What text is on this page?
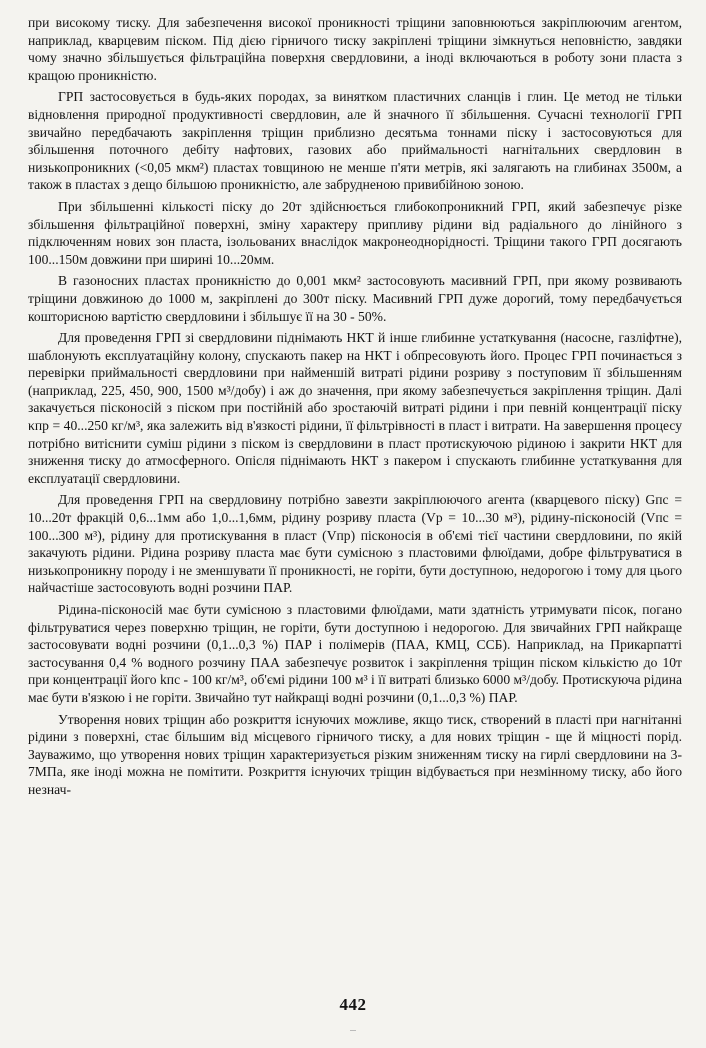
при високому тиску. Для забезпечення високої проникності тріщини заповнюються закріплюючим агентом, наприклад, кварцевим піском. Під дією гірничого тиску закріплені тріщини зімкнуться неповністю, завдяки чому значно збільшується фільтраційна поверхня свердловини, а іноді включаються в роботу зони пласта з кращою проникністю.

ГРП застосовується в будь-яких породах, за винятком пластичних сланців і глин. Це метод не тільки відновлення природної продуктивності свердловин, але й значного її збільшення. Сучасні технології ГРП звичайно передбачають закріплення тріщин приблизно десятьма тоннами піску і застосовуються для збільшення поточного дебіту нафтових, газових або приймальності нагнітальних свердловин в низькопроникних (<0,05 мкм²) пластах товщиною не менше п'яти метрів, які залягають на глибинах 3500м, а також в пластах з дещо більшою проникністю, але забрудненою привибійною зоною.

При збільшенні кількості піску до 20т здійснюється глибокопроникний ГРП, який забезпечує різке збільшення фільтраційної поверхні, зміну характеру припливу рідини від радіального до лінійного з підключенням нових зон пласта, ізольованих внаслідок макронеоднорідності. Тріщини такого ГРП досягають 100...150м довжини при ширині 10...20мм.

В газоносних пластах проникністю до 0,001 мкм² застосовують масивний ГРП, при якому розвивають тріщини довжиною до 1000 м, закріплені до 300т піску. Масивний ГРП дуже дорогий, тому передбачується кошторисною вартістю свердловини і збільшує її на 30 - 50%.

Для проведення ГРП зі свердловини піднімають НКТ й інше глибинне устаткування (насосне, газліфтне), шаблонують експлуатаційну колону, спускають пакер на НКТ і обпресовують його. Процес ГРП починається з перевірки приймальності свердловини при найменшій витраті рідини розриву з поступовим її збільшенням (наприклад, 225, 450, 900, 1500 м³/добу) і аж до значення, при якому забезпечується закріплення тріщин. Далі закачується пісконосій з піском при постійній або зростаючій витраті рідини і при певній концентрації піску κпр = 40...250 кг/м³, яка залежить від в'язкості рідини, її фільтрівності в пласт і витрати. На завершення процесу потрібно витіснити суміш рідини з піском із свердловини в пласт протискуючою рідиною і закрити НКТ для зниження тиску до атмосферного. Опісля піднімають НКТ з пакером і спускають глибинне устаткування для експлуатації свердловини.

Для проведення ГРП на свердловину потрібно завезти закріплюючого агента (кварцевого піску) Gпс = 10...20т фракцій 0,6...1мм або 1,0...1,6мм, рідину розриву пласта (Vр = 10...30 м³), рідину-пісконосій (Vпс = 100...300 м³), рідину для протискування в пласт (Vпр) пісконосія в об'ємі тієї частини свердловини, по якій закачують рідини. Рідина розриву пласта має бути сумісною з пластовими флюїдами, добре фільтруватися в низькопроникну породу і не зменшувати її проникності, не горіти, бути доступною, недорогою і тому для цього найчастіше застосовують водні розчини ПАР.

Рідина-пісконосій має бути сумісною з пластовими флюїдами, мати здатність утримувати пісок, погано фільтруватися через поверхню тріщин, не горіти, бути доступною і недорогою. Для звичайних ГРП найкраще застосовувати водні розчини (0,1...0,3 %) ПАР і полімерів (ПАА, КМЦ, ССБ). Наприклад, на Прикарпатті застосування 0,4 % водного розчину ПАА забезпечує розвиток і закріплення тріщин піском кількістю до 10т при концентрації його kпс - 100 кг/м³, об'ємі рідини 100 м³ і її витраті близько 6000 м³/добу. Протискуюча рідина має бути в'язкою і не горіти. Звичайно тут найкращі водні розчини (0,1...0,3 %) ПАР.

Утворення нових тріщин або розкриття існуючих можливе, якщо тиск, створений в пласті при нагнітанні рідини з поверхні, стає більшим від місцевого гірничого тиску, а для нових тріщин - ще й міцності порід. Зауважимо, що утворення нових тріщин характеризується різким зниженням тиску на гирлі свердловини на 3-7МПа, яке іноді можна не помітити. Розкриття існуючих тріщин відбувається при незмінному тиску, або його незнач-

442
